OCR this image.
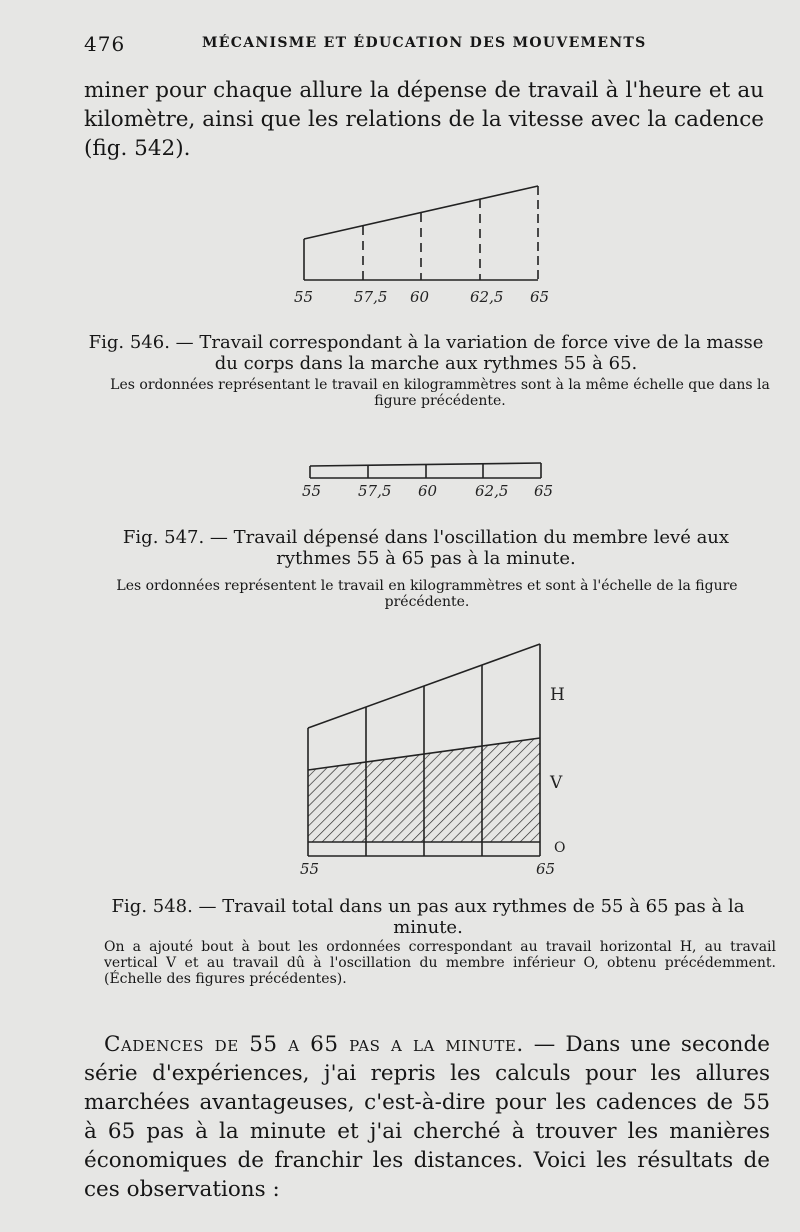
476	MÉCANISME ET ÉDUCATION DES MOUVEMENTS
miner pour chaque allure la dépense de travail à l'heure et au kilomètre, ainsi que les relations de la vitesse avec la cadence (fig. 542).
55	57,5 60	62,5 65
Fig. 546. — Travail correspondant à la variation de force vive de la masse du corps dans la marche aux rythmes 55 à 65.
Les ordonnées représentant le travail en kilogrammètres sont à la même échelle que dans la figure précédente.
55 57,5 60	62,5 65
Fig. 547. — Travail dépensé dans l'oscillation du membre levé aux rythmes 55 à 65 pas à la minute.
Les ordonnées représentent le travail en kilogrammètres et sont à l'échelle de la figure précédente.
H
V
O
55	65
Fig. 548. — Travail total dans un pas aux rythmes de 55 à 65 pas à la minute.
On a ajouté bout à bout les ordonnées correspondant au travail horizontal H, au travail vertical V et au travail dû à l'oscillation du membre inférieur O, obtenu précédemment. (Échelle des figures précédentes).
Cadences de 55 a 65 pas a la minute. — Dans une seconde série d'expériences, j'ai repris les calculs pour les allures marchées avantageuses, c'est-à-dire pour les cadences de 55 à 65 pas à la minute et j'ai cherché à trouver les manières économiques de franchir les distances. Voici les résultats de ces observations :
